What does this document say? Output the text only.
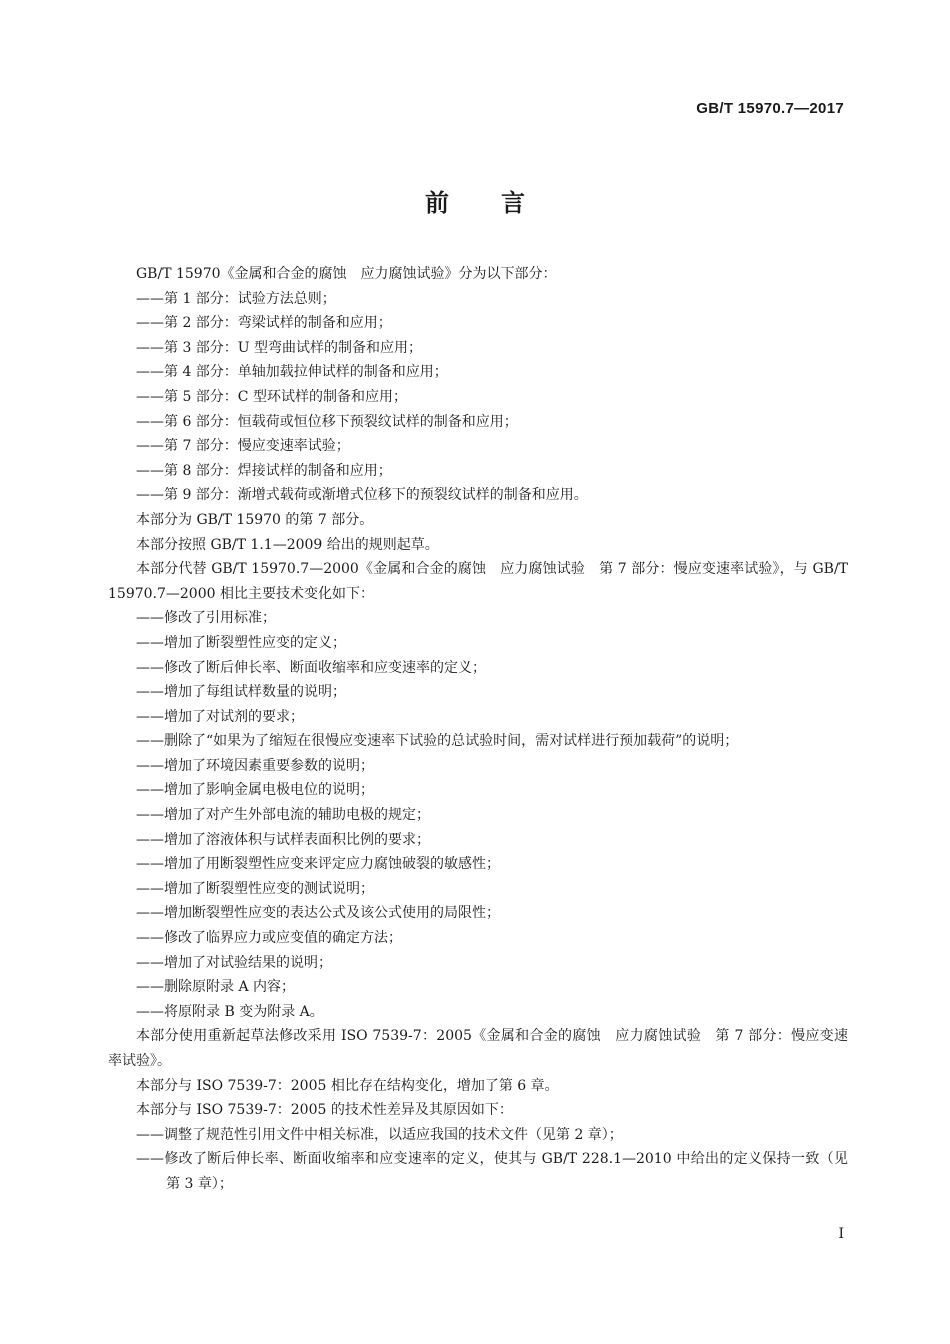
GB/T 15970.7—2017
前 言

GB/T 15970《金属和合金的腐蚀　应力腐蚀试验》分为以下部分：

——第 1 部分：试验方法总则；

——第 2 部分：弯梁试样的制备和应用；

——第 3 部分：U 型弯曲试样的制备和应用；

——第 4 部分：单轴加载拉伸试样的制备和应用；

——第 5 部分：C 型环试样的制备和应用；

——第 6 部分：恒载荷或恒位移下预裂纹试样的制备和应用；

——第 7 部分：慢应变速率试验；

——第 8 部分：焊接试样的制备和应用；

——第 9 部分：渐增式载荷或渐增式位移下的预裂纹试样的制备和应用。

本部分为 GB/T 15970 的第 7 部分。

本部分按照 GB/T 1.1—2009 给出的规则起草。

本部分代替 GB/T 15970.7—2000《金属和合金的腐蚀　应力腐蚀试验　第 7 部分：慢应变速率试验》，与 GB/T 15970.7—2000 相比主要技术变化如下：

——修改了引用标准；

——增加了断裂塑性应变的定义；

——修改了断后伸长率、断面收缩率和应变速率的定义；

——增加了每组试样数量的说明；

——增加了对试剂的要求；

——删除了“如果为了缩短在很慢应变速率下试验的总试验时间，需对试样进行预加载荷”的说明；

——增加了环境因素重要参数的说明；

——增加了影响金属电极电位的说明；

——增加了对产生外部电流的辅助电极的规定；

——增加了溶液体积与试样表面积比例的要求；

——增加了用断裂塑性应变来评定应力腐蚀破裂的敏感性；

——增加了断裂塑性应变的测试说明；

——增加断裂塑性应变的表达公式及该公式使用的局限性；

——修改了临界应力或应变值的确定方法；

——增加了对试验结果的说明；

——删除原附录 A 内容；

——将原附录 B 变为附录 A。

本部分使用重新起草法修改采用 ISO 7539-7：2005《金属和合金的腐蚀　应力腐蚀试验　第 7 部分：慢应变速率试验》。

本部分与 ISO 7539-7：2005 相比存在结构变化，增加了第 6 章。

本部分与 ISO 7539-7：2005 的技术性差异及其原因如下：

——调整了规范性引用文件中相关标准，以适应我国的技术文件（见第 2 章）；

——修改了断后伸长率、断面收缩率和应变速率的定义，使其与 GB/T 228.1—2010 中给出的定义保持一致（见第 3 章）；

I
